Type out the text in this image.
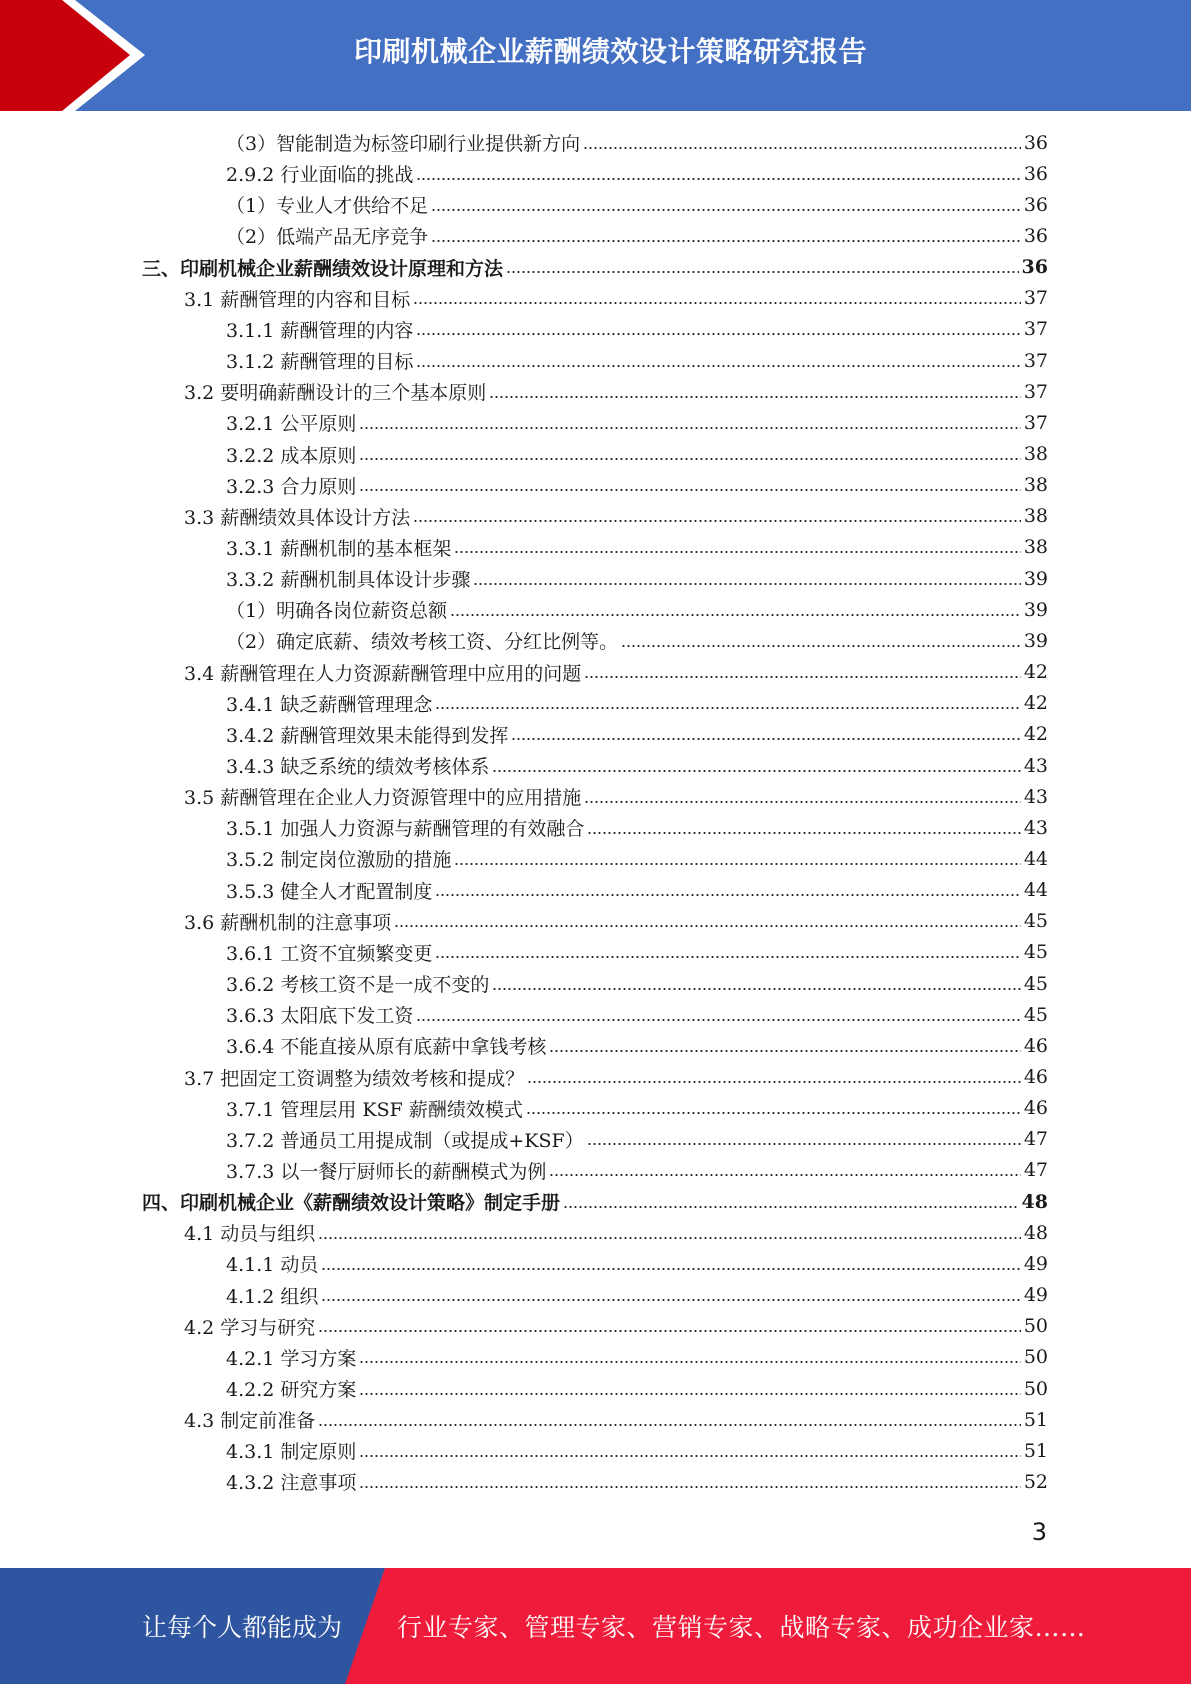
印刷机械企业薪酬绩效设计策略研究报告
（3）智能制造为标签印刷行业提供新方向	36
2.9.2 行业面临的挑战	36
（1）专业人才供给不足	36
（2）低端产品无序竞争	36
三、印刷机械企业薪酬绩效设计原理和方法	36
3.1 薪酬管理的内容和目标	37
3.1.1 薪酬管理的内容	37
3.1.2 薪酬管理的目标	37
3.2 要明确薪酬设计的三个基本原则	37
3.2.1 公平原则	37
3.2.2 成本原则	38
3.2.3 合力原则	38
3.3 薪酬绩效具体设计方法	38
3.3.1 薪酬机制的基本框架	38
3.3.2 薪酬机制具体设计步骤	39
（1）明确各岗位薪资总额	39
（2）确定底薪、绩效考核工资、分红比例等。	39
3.4 薪酬管理在人力资源薪酬管理中应用的问题	42
3.4.1 缺乏薪酬管理理念	42
3.4.2 薪酬管理效果未能得到发挥	42
3.4.3 缺乏系统的绩效考核体系	43
3.5 薪酬管理在企业人力资源管理中的应用措施	43
3.5.1 加强人力资源与薪酬管理的有效融合	43
3.5.2 制定岗位激励的措施	44
3.5.3 健全人才配置制度	44
3.6 薪酬机制的注意事项	45
3.6.1 工资不宜频繁变更	45
3.6.2 考核工资不是一成不变的	45
3.6.3 太阳底下发工资	45
3.6.4 不能直接从原有底薪中拿钱考核	46
3.7 把固定工资调整为绩效考核和提成？	46
3.7.1 管理层用 KSF 薪酬绩效模式	46
3.7.2 普通员工用提成制（或提成+KSF）	47
3.7.3 以一餐厅厨师长的薪酬模式为例	47
四、印刷机械企业《薪酬绩效设计策略》制定手册	48
4.1 动员与组织	48
4.1.1 动员	49
4.1.2 组织	49
4.2 学习与研究	50
4.2.1 学习方案	50
4.2.2 研究方案	50
4.3 制定前准备	51
4.3.1 制定原则	51
4.3.2 注意事项	52
3
让每个人都能成为 行业专家、管理专家、营销专家、战略专家、成功企业家……
